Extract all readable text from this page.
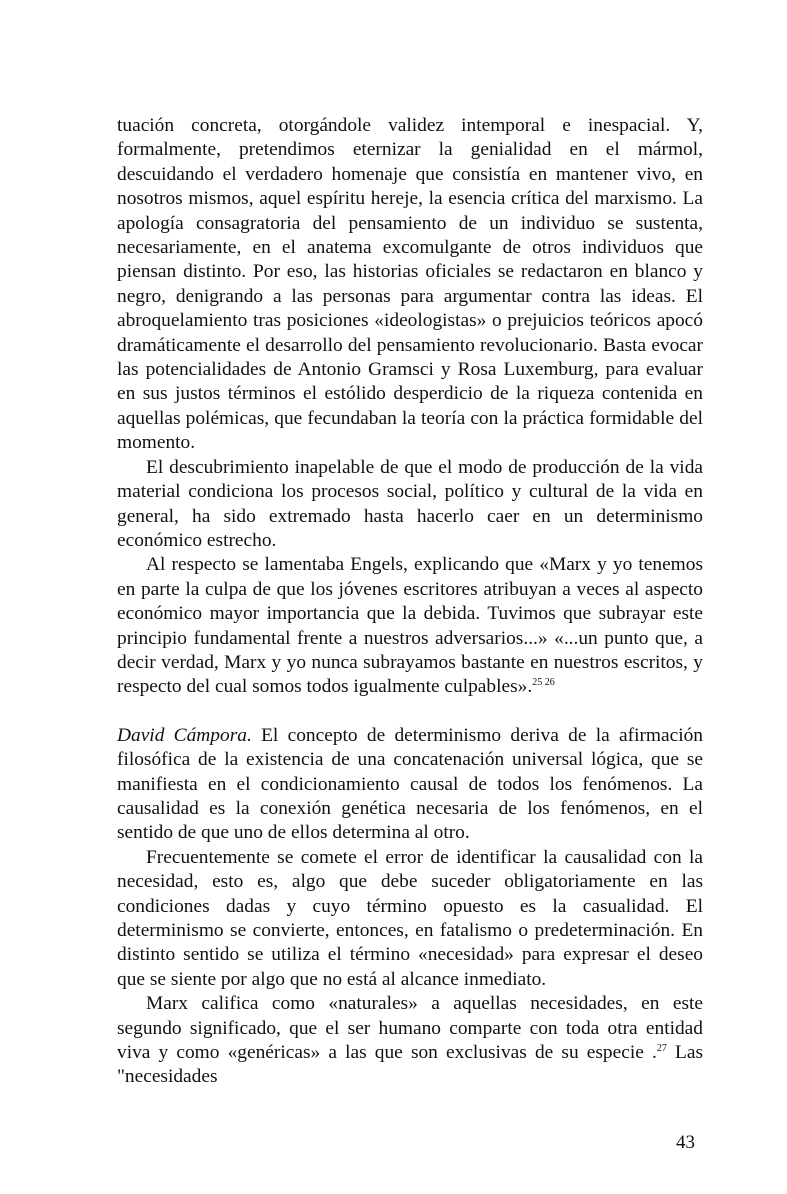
tuación concreta, otorgándole validez intemporal e inespacial. Y, formalmente, pretendimos eternizar la genialidad en el mármol, descuidando el verdadero homenaje que consistía en mantener vivo, en nosotros mismos, aquel espíritu hereje, la esencia crítica del marxismo. La apología consagratoria del pensamiento de un individuo se sustenta, necesariamente, en el anatema excomulgante de otros individuos que piensan distinto. Por eso, las historias oficiales se redactaron en blanco y negro, denigrando a las personas para argumentar contra las ideas. El abroquelamiento tras posiciones «ideologistas» o prejuicios teóricos apocó dramáticamente el desarrollo del pensamiento revolucionario. Basta evocar las potencialidades de Antonio Gramsci y Rosa Luxemburg, para evaluar en sus justos términos el estólido desperdicio de la riqueza contenida en aquellas polémicas, que fecundaban la teoría con la práctica formidable del momento.

El descubrimiento inapelable de que el modo de producción de la vida material condiciona los procesos social, político y cultural de la vida en general, ha sido extremado hasta hacerlo caer en un determinismo económico estrecho.

Al respecto se lamentaba Engels, explicando que «Marx y yo tenemos en parte la culpa de que los jóvenes escritores atribuyan a veces al aspecto económico mayor importancia que la debida. Tuvimos que subrayar este principio fundamental frente a nuestros adversarios...» «...un punto que, a decir verdad, Marx y yo nunca subrayamos bastante en nuestros escritos, y respecto del cual somos todos igualmente culpables».$^{25 26}$

David Cámpora. El concepto de determinismo deriva de la afirmación filosófica de la existencia de una concatenación universal lógica, que se manifiesta en el condicionamiento causal de todos los fenómenos. La causalidad es la conexión genética necesaria de los fenómenos, en el sentido de que uno de ellos determina al otro.

Frecuentemente se comete el error de identificar la causalidad con la necesidad, esto es, algo que debe suceder obligatoriamente en las condiciones dadas y cuyo término opuesto es la casualidad. El determinismo se convierte, entonces, en fatalismo o predeterminación. En distinto sentido se utiliza el término «necesidad» para expresar el deseo que se siente por algo que no está al alcance inmediato.

Marx califica como «naturales» a aquellas necesidades, en este segundo significado, que el ser humano comparte con toda otra entidad viva y como «genéricas» a las que son exclusivas de su especie .$^{27}$ Las "necesidades

43
